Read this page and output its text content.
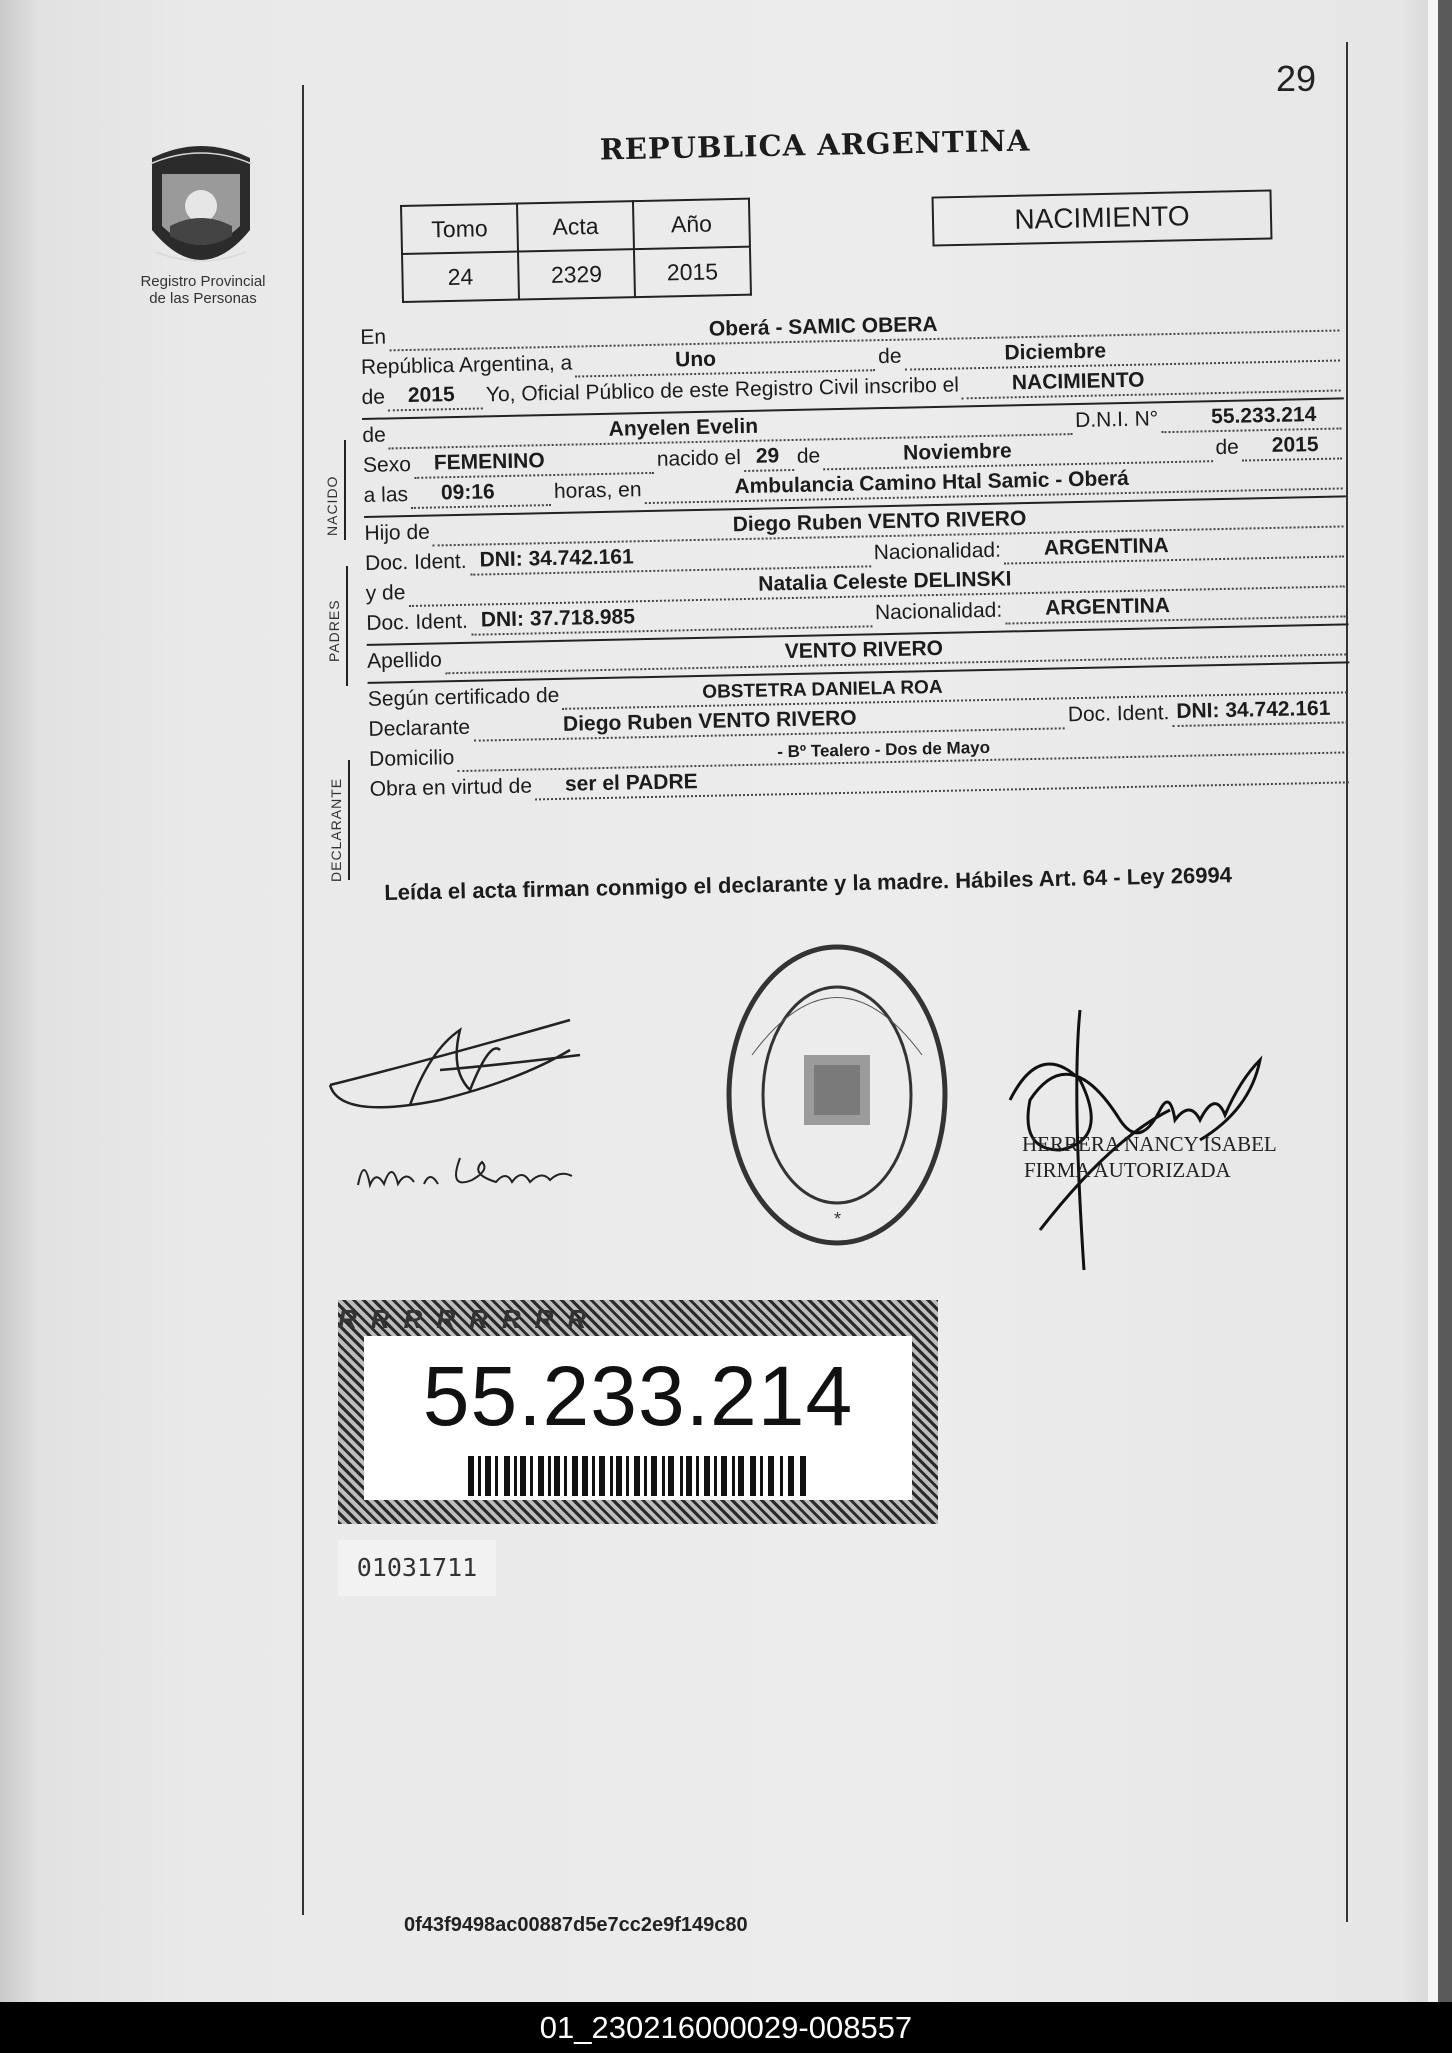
29
Registro Provincial
de las Personas
REPUBLICA ARGENTINA
Tomo	Acta	Año
24	2329	2015
NACIMIENTO
En	Oberá - SAMIC OBERA
República Argentina, a	Uno	de	Diciembre
de 2015 Yo, Oficial Público de este Registro Civil inscribo el NACIMIENTO
de	Anyelen Evelin	D.N.I. N° 55.233.214
Sexo FEMENINO	nacido el 29 de	Noviembre	de 2015
a las 09:16	horas, en	Ambulancia Camino Htal Samic - Oberá
Hijo de	Diego Ruben VENTO RIVERO
Doc. Ident. DNI: 34.742.161	Nacionalidad: ARGENTINA
y de	Natalia Celeste DELINSKI
Doc. Ident. DNI: 37.718.985	Nacionalidad: ARGENTINA
Apellido	VENTO RIVERO
Según certificado de	OBSTETRA DANIELA ROA
Declarante	Diego Ruben VENTO RIVERO	Doc. Ident. DNI: 34.742.161
Domicilio	- Bº Tealero - Dos de Mayo
Obra en virtud de ser el PADRE
NACIDO
PADRES
DECLARANTE
Leída el acta firman conmigo el declarante y la madre. Hábiles Art. 64 - Ley 26994
*
HERRERA NANCY ISABEL
FIRMA AUTORIZADA
RRRRRRRR
55.233.214
01031711
0f43f9498ac00887d5e7cc2e9f149c80
01_230216000029-008557
